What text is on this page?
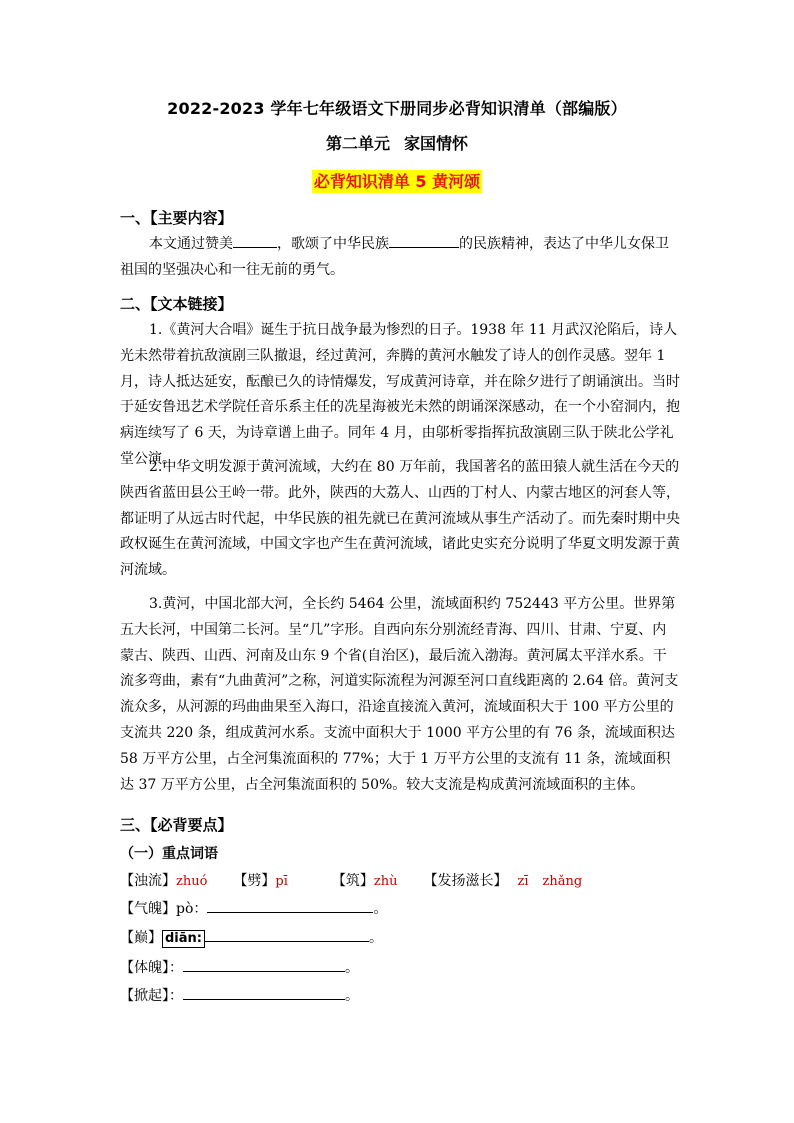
2022-2023 学年七年级语文下册同步必背知识清单（部编版）
第二单元 家国情怀
必背知识清单 5 黄河颂
一、【主要内容】
本文通过赞美	，歌颂了中华民族	的民族精神，表达了中华儿女保卫祖国的坚强决心和一往无前的勇气。
二、【文本链接】
1.《黄河大合唱》诞生于抗日战争最为惨烈的日子。1938 年 11 月武汉沦陷后，诗人光未然带着抗敌演剧三队撤退，经过黄河，奔腾的黄河水触发了诗人的创作灵感。翌年 1 月，诗人抵达延安，酝酿已久的诗情爆发，写成黄河诗章，并在除夕进行了朗诵演出。当时于延安鲁迅艺术学院任音乐系主任的冼星海被光未然的朗诵深深感动，在一个小窑洞内，抱病连续写了 6 天，为诗章谱上曲子。同年 4 月，由邬析零指挥抗敌演剧三队于陕北公学礼堂公演。
2.中华文明发源于黄河流域，大约在 80 万年前，我国著名的蓝田猿人就生活在今天的陕西省蓝田县公王岭一带。此外，陕西的大荔人、山西的丁村人、内蒙古地区的河套人等，都证明了从远古时代起，中华民族的祖先就已在黄河流域从事生产活动了。而先秦时期中央政权诞生在黄河流域，中国文字也产生在黄河流域，诸此史实充分说明了华夏文明发源于黄河流域。
3.黄河，中国北部大河，全长约 5464 公里，流域面积约 752443 平方公里。世界第五大长河，中国第二长河。呈“几”字形。自西向东分别流经青海、四川、甘肃、宁夏、内蒙古、陕西、山西、河南及山东 9 个省(自治区)，最后流入渤海。黄河属太平洋水系。干流多弯曲，素有“九曲黄河”之称，河道实际流程为河源至河口直线距离的 2.64 倍。黄河支流众多，从河源的玛曲曲果至入海口，沿途直接流入黄河，流域面积大于 100 平方公里的支流共 220 条，组成黄河水系。支流中面积大于 1000 平方公里的有 76 条，流域面积达 58 万平方公里，占全河集流面积的 77%；大于 1 万平方公里的支流有 11 条，流域面积达 37 万平方公里，占全河集流面积的 50%。较大支流是构成黄河流域面积的主体。
三、【必背要点】
（一）重点词语
【浊流】zhuó 【劈】pī	【筑】zhù 【发扬滋长】 zī zhǎng
【气魄】pò：	。
【巅】 diān:	。
【体魄】：	。
【掀起】：	。
